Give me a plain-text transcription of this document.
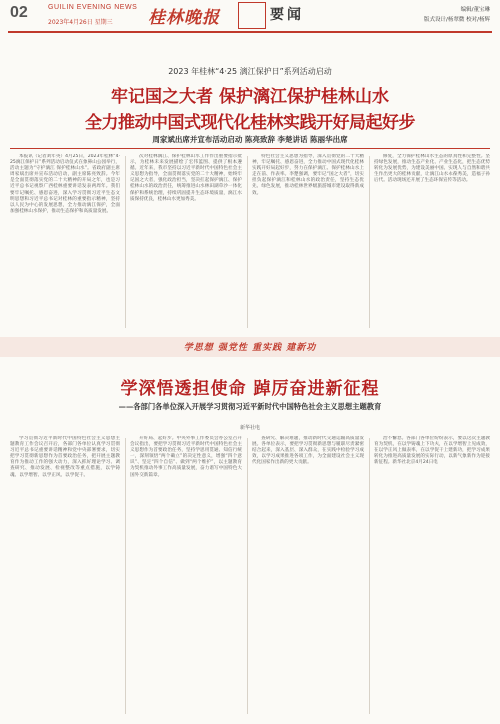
02	GUILIN EVENING NEWS
2023年4月26日 星期三 桂林晚报	要闻	编辑/董宝琳
版式设计/杨翠微 校对/杨辉
2023 年桂林“4·25 漓江保护日”系列活动启动
牢记国之大者 保护漓江保护桂林山水
全力推动中国式现代化桂林实践开好局起好步
周家斌出席并宣布活动启动 陈亮致辞 李楚讲话 陈丽华出席

本报讯（记者刘年英）4月25日，2023年桂林“4·25漓江保护日”系列活动启动仪式在象鼻山公园举行，活动主题为“守护漓江 保护桂林山水”。省政府副主席周家斌出席并宣布活动启动，副主席陈亮致辞。今年是全面贯彻落实党的二十大精神的开局之年，也是习近平总书记视察广西桂林重要讲话发表两周年。我们要牢记嘱托、感恩奋进，深入学习贯彻习近平生态文明思想和习近平总书记对桂林的重要指示精神，坚持以人民为中心的发展思想，全力推动漓江保护，全面加强桂林山水保护，推动生态保护和高质量发展。

次对桂林漓江、保护桂林山水工作作出重要指示批示，为桂林未来发展描绘了宏伟蓝图、提供了根本遵循。近年来，我市坚持以习近平新时代中国特色社会主义思想为指导，全面贯彻落实党的二十大精神，始终牢记国之大者，强化政治担当，坚决扛起保护漓江、保护桂林山水的政治责任，统筹推进山水林田湖草沙一体化保护和系统治理，持续巩固提升生态环境质量，漓江水质保持优良，桂林山水更加秀美。

特色社会主义思想为指导，深入贯彻党的二十大精神，牢记嘱托、感恩奋进，全力推动中国式现代化桂林实践开好局起好步，努力在保护漓江、保护桂林山水上走在前、作表率。李楚强调，要牢记“国之大者”，切实担负起保护漓江和桂林山水的政治责任，坚持生态优先、绿色发展，推动桂林世界级旅游城市建设取得新成效。

修复，全力保护桂林山水生态的原真性和完整性。坚持绿色发展，推动生态产业化、产业生态化，把生态优势转化为发展优势，为建设美丽中国、实现人与自然和谐共生作出更大的桂林贡献，让漓江山水永葆秀美，造福子孙后代。活动现场还开展了生态环保宣传等活动。

学思想 强党性 重实践 建新功
学深悟透担使命 踔厉奋进新征程
——各部门各单位深入开展学习贯彻习近平新时代中国特色社会主义思想主题教育
新华社电

学习贯彻习近平新时代中国特色社会主义思想主题教育工作会议召开后，各部门各单位认真学习贯彻习近平总书记重要讲话精神和党中央部署要求，切实把学习贯彻新思想作为首要政治任务，把开展主题教育作为推动工作的强大动力，深入抓好理论学习、调查研究、推动发展、检视整改等重点措施，以学铸魂、以学增智、以学正风、以学促干。

开好局、起好步。中央外事工作委员会办公室召开会议指出，要把学习贯彻习近平新时代中国特色社会主义思想作为首要政治任务，坚持学思用贯通、知信行统一，深刻领悟“两个确立”的决定性意义，增强“四个意识”、坚定“四个自信”、做到“两个维护”，以主题教育为契机推动外事工作高质量发展，奋力谱写中国特色大国外交新篇章。

查研究、解决难题，推动新时代交通运输高质量发展。各单位表示，要把学习贯彻新思想与履职尽责紧密结合起来，深入基层、深入群众，在实践中检验学习成效，以学习成果推进各项工作，为全面建设社会主义现代化国家作出新的更大贡献。

治不懈怠。各部门各单位纷纷表示，要以这次主题教育为契机，在以学铸魂上下功夫，在以学增智上见成效，在以学正风上做表率，在以学促干上建新功，把学习成果转化为推进高质量发展的实际行动，以新气象新作为迎接新征程。新华社北京4月24日电
